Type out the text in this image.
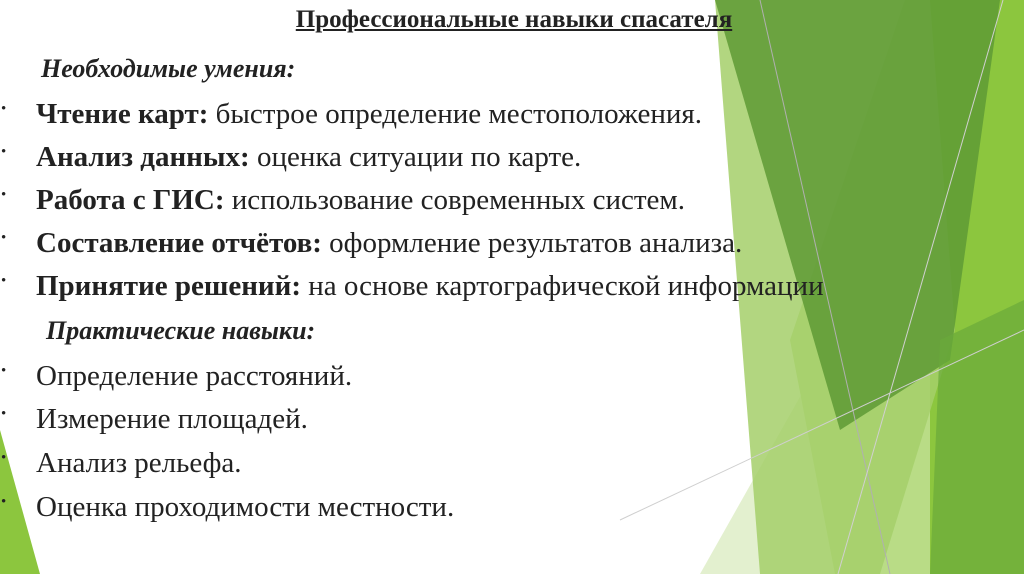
Профессиональные навыки спасателя
Необходимые умения:
• Чтение карт: быстрое определение местоположения.
• Анализ данных: оценка ситуации по карте.
• Работа с ГИС: использование современных систем.
• Составление отчётов: оформление результатов анализа.
• Принятие решений: на основе картографической информации
Практические навыки:
• Определение расстояний.
• Измерение площадей.
• Анализ рельефа.
• Оценка проходимости местности.
